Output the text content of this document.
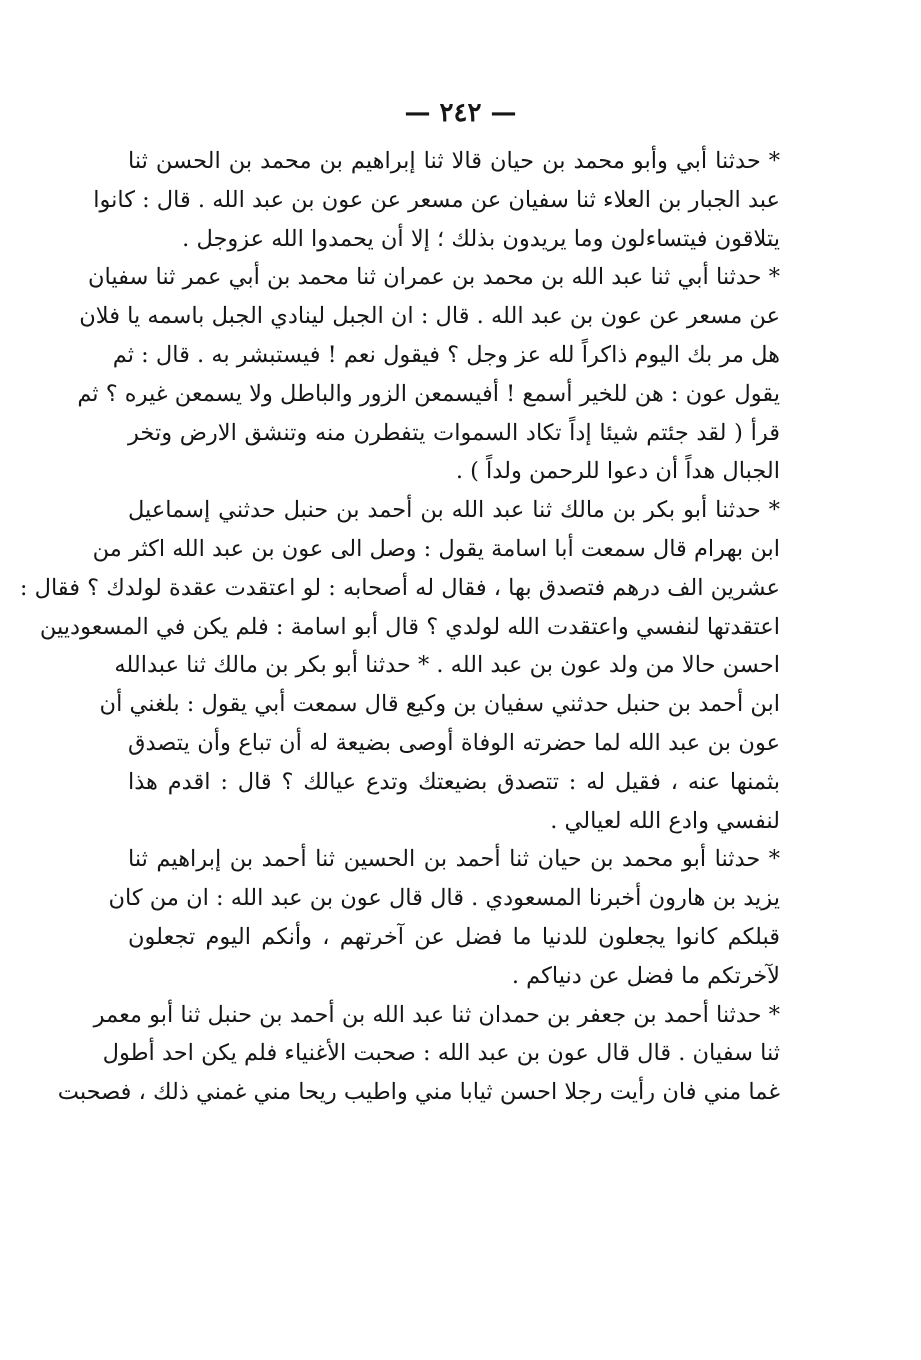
— ٢٤٢ —
* حدثنا أبي وأبو محمد بن حيان قالا ثنا إبراهيم بن محمد بن الحسن ثنا
عبد الجبار بن العلاء ثنا سفيان عن مسعر عن عون بن عبد الله . قال : كانوا
يتلاقون فيتساءلون وما يريدون بذلك ؛ إلا أن يحمدوا الله عزوجل .
* حدثنا أبي ثنا عبد الله بن محمد بن عمران ثنا محمد بن أبي عمر ثنا سفيان
عن مسعر عن عون بن عبد الله . قال : ان الجبل لينادي الجبل باسمه يا فلان
هل مر بك اليوم ذاكراً لله عز وجل ؟ فيقول نعم ! فيستبشر به . قال : ثم
يقول عون : هن للخير أسمع ! أفيسمعن الزور والباطل ولا يسمعن غيره ؟ ثم
قرأ ( لقد جئتم شيئا إداً تكاد السموات يتفطرن منه وتنشق الارض وتخر
الجبال هداً أن دعوا للرحمن ولداً ) .
* حدثنا أبو بكر بن مالك ثنا عبد الله بن أحمد بن حنبل حدثني إسماعيل
ابن بهرام قال سمعت أبا اسامة يقول : وصل الى عون بن عبد الله اكثر من
عشرين الف درهم فتصدق بها ، فقال له أصحابه : لو اعتقدت عقدة لولدك ؟ فقال :
اعتقدتها لنفسي واعتقدت الله لولدي ؟ قال أبو اسامة : فلم يكن في المسعوديين
احسن حالا من ولد عون بن عبد الله . * حدثنا أبو بكر بن مالك ثنا عبدالله
ابن أحمد بن حنبل حدثني سفيان بن وكيع قال سمعت أبي يقول : بلغني أن
عون بن عبد الله لما حضرته الوفاة أوصى بضيعة له أن تباع وأن يتصدق
بثمنها عنه ، فقيل له : تتصدق بضيعتك وتدع عيالك ؟ قال : اقدم هذا
لنفسي وادع الله لعيالي .
* حدثنا أبو محمد بن حيان ثنا أحمد بن الحسين ثنا أحمد بن إبراهيم ثنا
يزيد بن هارون أخبرنا المسعودي . قال قال عون بن عبد الله : ان من كان
قبلكم كانوا يجعلون للدنيا ما فضل عن آخرتهم ، وأنكم اليوم تجعلون
لآخرتكم ما فضل عن دنياكم .
* حدثنا أحمد بن جعفر بن حمدان ثنا عبد الله بن أحمد بن حنبل ثنا أبو معمر
ثنا سفيان . قال قال عون بن عبد الله : صحبت الأغنياء فلم يكن احد أطول
غما مني فان رأيت رجلا احسن ثيابا مني واطيب ريحا مني غمني ذلك ، فصحبت
